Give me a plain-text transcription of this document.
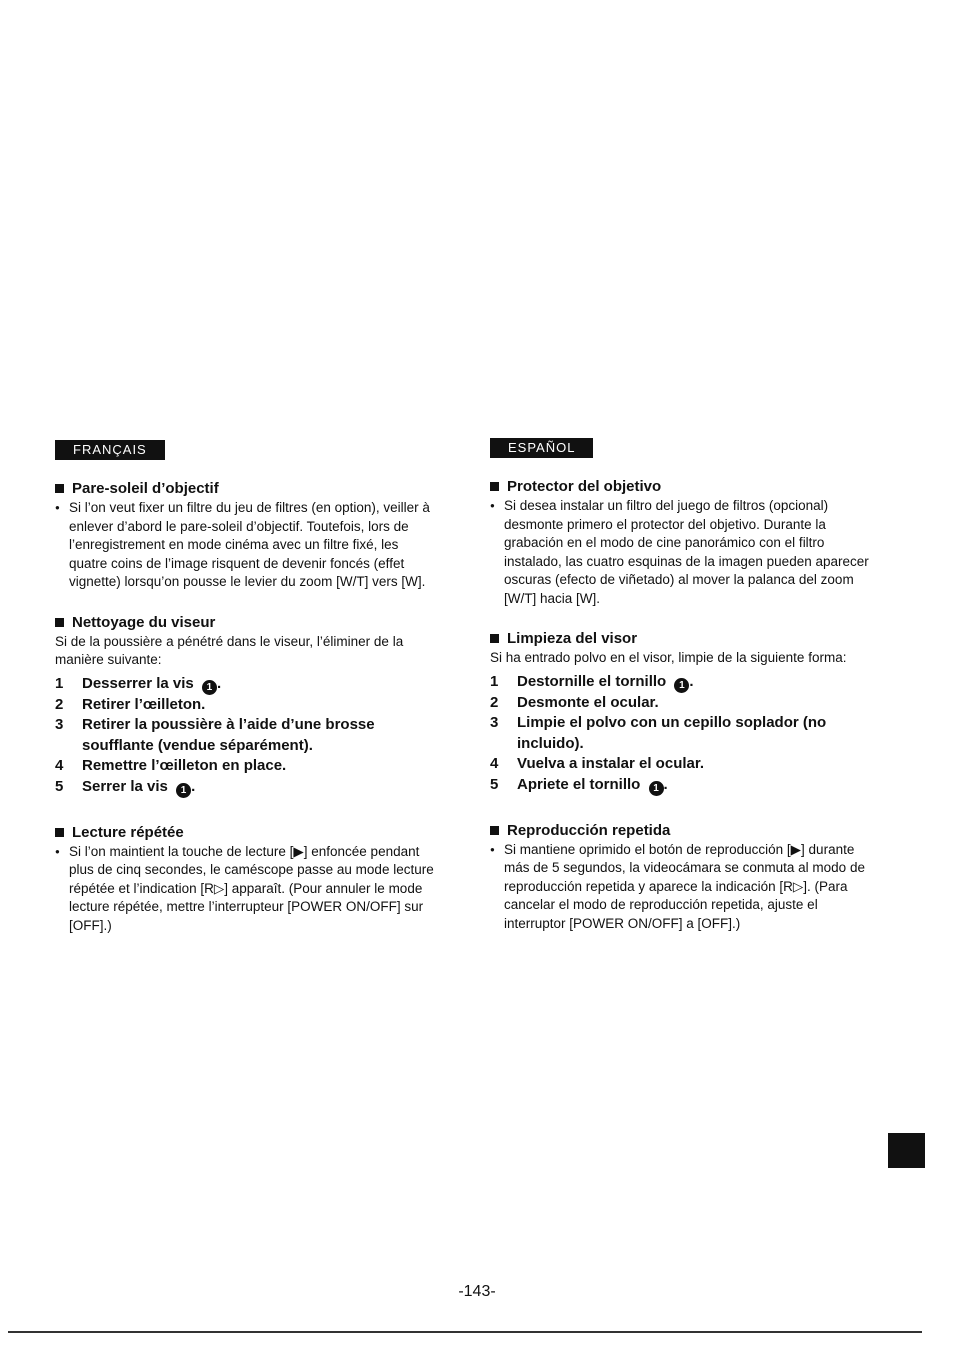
FRANÇAIS
Pare-soleil d’objectif
● Si l’on veut fixer un filtre du jeu de filtres (en option), veiller à enlever d’abord le pare-soleil d’objectif. Toutefois, lors de l’enregistrement en mode cinéma avec un filtre fixé, les quatre coins de l’image risquent de devenir foncés (effet vignette) lorsqu’on pousse le levier du zoom [W/T] vers [W].
Nettoyage du viseur
Si de la poussière a pénétré dans le viseur, l’éliminer de la manière suivante:
1	Desserrer la vis 1 .
2	Retirer l’œilleton.
3	Retirer la poussière à l’aide d’une brosse soufflante (vendue séparément).
4	Remettre l’œilleton en place.
5	Serrer la vis 1 .
Lecture répétée
● Si l’on maintient la touche de lecture [▶] enfoncée pendant plus de cinq secondes, le caméscope passe au mode lecture répétée et l’indication [R▷] apparaît. (Pour annuler le mode lecture répétée, mettre l’interrupteur [POWER ON/OFF] sur [OFF].)
ESPAÑOL
Protector del objetivo
● Si desea instalar un filtro del juego de filtros (opcional) desmonte primero el protector del objetivo. Durante la grabación en el modo de cine panorámico con el filtro instalado, las cuatro esquinas de la imagen pueden aparecer oscuras (efecto de viñetado) al mover la palanca del zoom [W/T] hacia [W].
Limpieza del visor
Si ha entrado polvo en el visor, limpie de la siguiente forma:
1	Destornille el tornillo 1 .
2	Desmonte el ocular.
3	Limpie el polvo con un cepillo soplador (no incluido).
4	Vuelva a instalar el ocular.
5	Apriete el tornillo 1 .
Reproducción repetida
● Si mantiene oprimido el botón de reproducción [▶] durante más de 5 segundos, la videocámara se conmuta al modo de reproducción repetida y aparece la indicación [R▷]. (Para cancelar el modo de reproducción repetida, ajuste el interruptor [POWER ON/OFF] a [OFF].)
-143-
